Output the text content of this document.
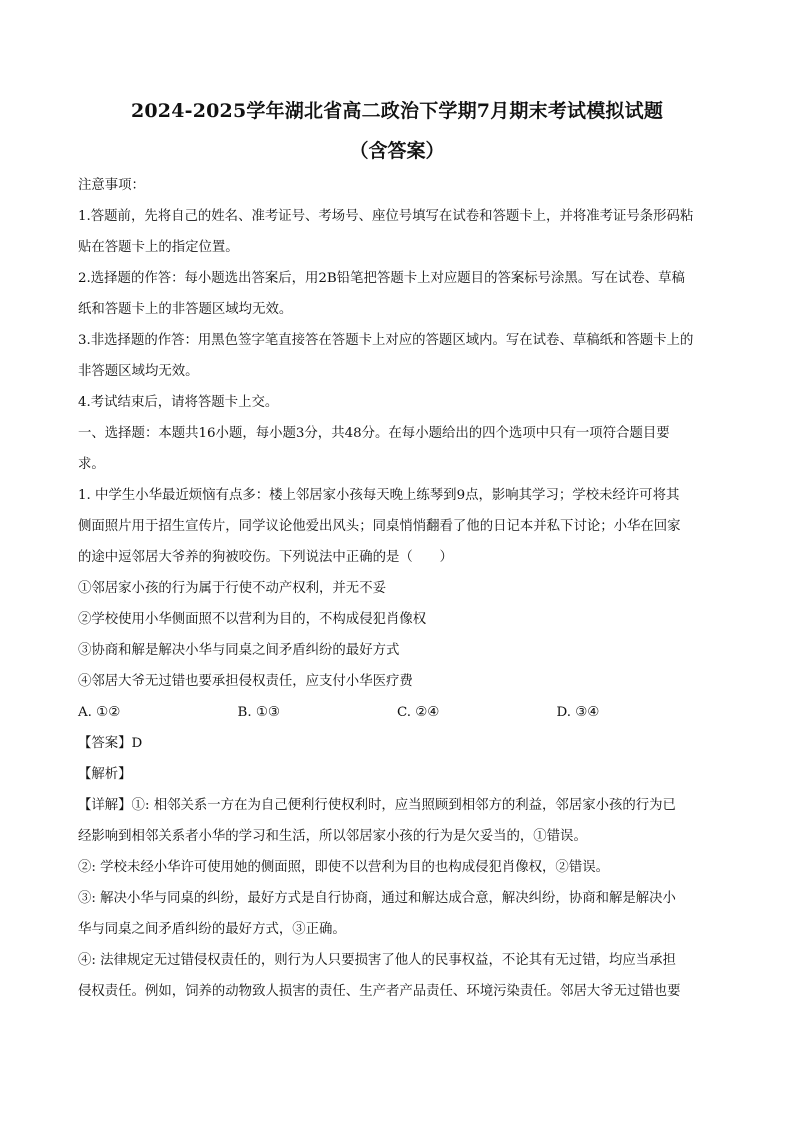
2024-2025学年湖北省高二政治下学期7月期末考试模拟试题
（含答案）

注意事项：

1.答题前，先将自己的姓名、准考证号、考场号、座位号填写在试卷和答题卡上，并将准考证号条形码粘

贴在答题卡上的指定位置。

2.选择题的作答：每小题选出答案后，用2B铅笔把答题卡上对应题目的答案标号涂黑。写在试卷、草稿

纸和答题卡上的非答题区域均无效。

3.非选择题的作答：用黑色签字笔直接答在答题卡上对应的答题区域内。写在试卷、草稿纸和答题卡上的

非答题区域均无效。

4.考试结束后，请将答题卡上交。

一、选择题：本题共16小题，每小题3分，共48分。在每小题给出的四个选项中只有一项符合题目要

求。

1. 中学生小华最近烦恼有点多：楼上邻居家小孩每天晚上练琴到9点，影响其学习；学校未经许可将其

侧面照片用于招生宣传片，同学议论他爱出风头；同桌悄悄翻看了他的日记本并私下讨论；小华在回家

的途中逗邻居大爷养的狗被咬伤。下列说法中正确的是（　　）

①邻居家小孩的行为属于行使不动产权利，并无不妥

②学校使用小华侧面照不以营利为目的，不构成侵犯肖像权

③协商和解是解决小华与同桌之间矛盾纠纷的最好方式

④邻居大爷无过错也要承担侵权责任，应支付小华医疗费

A. ①②	B. ①③	C. ②④	D. ③④

【答案】D

【解析】

【详解】①: 相邻关系一方在为自己便利行使权利时，应当照顾到相邻方的利益，邻居家小孩的行为已

经影响到相邻关系者小华的学习和生活，所以邻居家小孩的行为是欠妥当的，①错误。

②: 学校未经小华许可使用她的侧面照，即使不以营利为目的也构成侵犯肖像权，②错误。

③: 解决小华与同桌的纠纷，最好方式是自行协商，通过和解达成合意，解决纠纷，协商和解是解决小

华与同桌之间矛盾纠纷的最好方式，③正确。

④: 法律规定无过错侵权责任的，则行为人只要损害了他人的民事权益，不论其有无过错，均应当承担

侵权责任。例如，饲养的动物致人损害的责任、生产者产品责任、环境污染责任。邻居大爷无过错也要
